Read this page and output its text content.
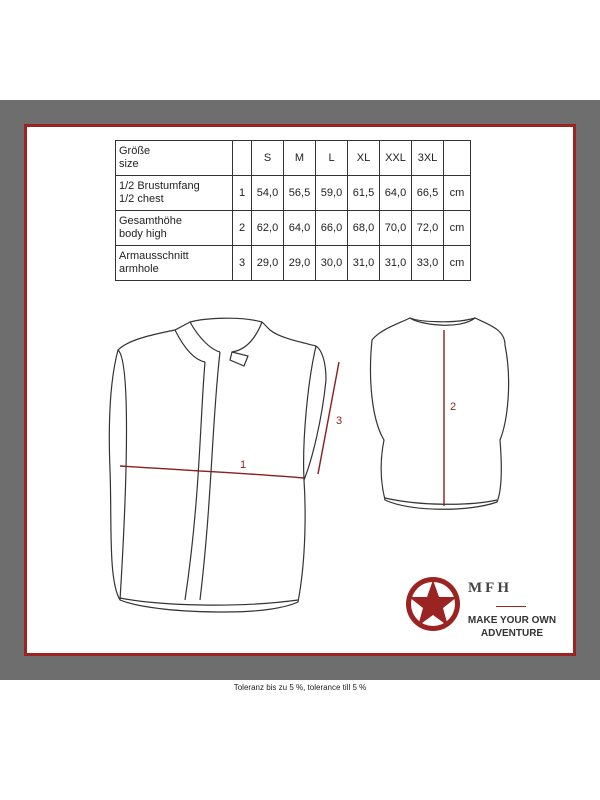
Größe
size		S	M	L	XL	XXL	3XL	

1/2 Brustumfang
1/2 chest	1	54,0	56,5	59,0	61,5	64,0	66,5	cm

Gesamthöhe
body high	2	62,0	64,0	66,0	68,0	70,0	72,0	cm

Armausschnitt
armhole	3	29,0	29,0	30,0	31,0	31,0	33,0	cm
1
2
3
MFH
MAKE YOUR OWN
ADVENTURE
Toleranz bis zu 5 %, tolerance till 5 %
